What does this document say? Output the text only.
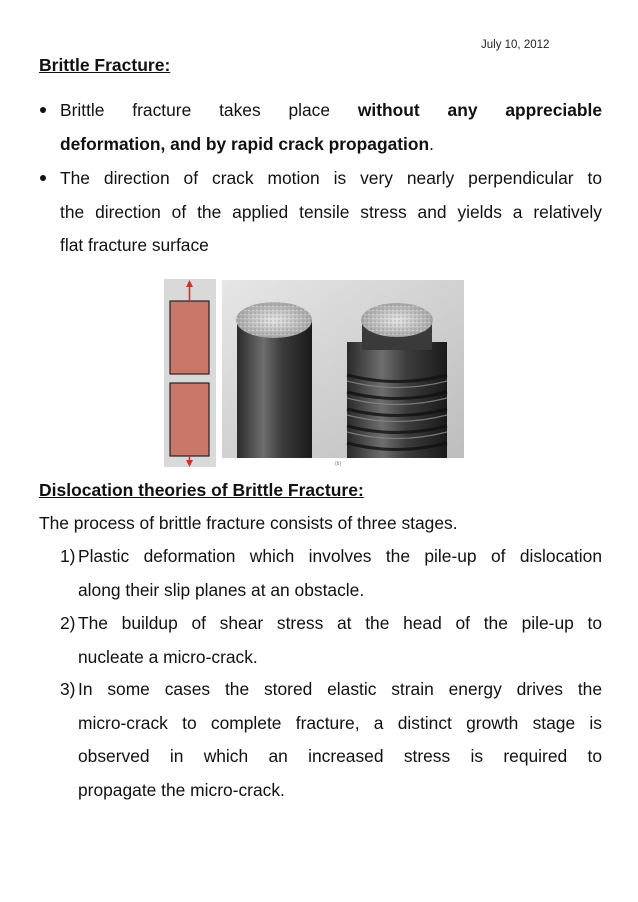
July 10, 2012
Brittle Fracture:
Brittle fracture takes place without any appreciable
deformation, and by rapid crack propagation.
The direction of crack motion is very nearly perpendicular to
the direction of the applied tensile stress and yields a relatively
flat fracture surface
(b)
Dislocation theories of Brittle Fracture:
The process of brittle fracture consists of three stages.
1) Plastic deformation which involves the pile-up of dislocation
along their slip planes at an obstacle.
2) The buildup of shear stress at the head of the pile-up to
nucleate a micro-crack.
3) In some cases the stored elastic strain energy drives the
micro-crack to complete fracture, a distinct growth stage is
observed in which an increased stress is required to
propagate the micro-crack.
